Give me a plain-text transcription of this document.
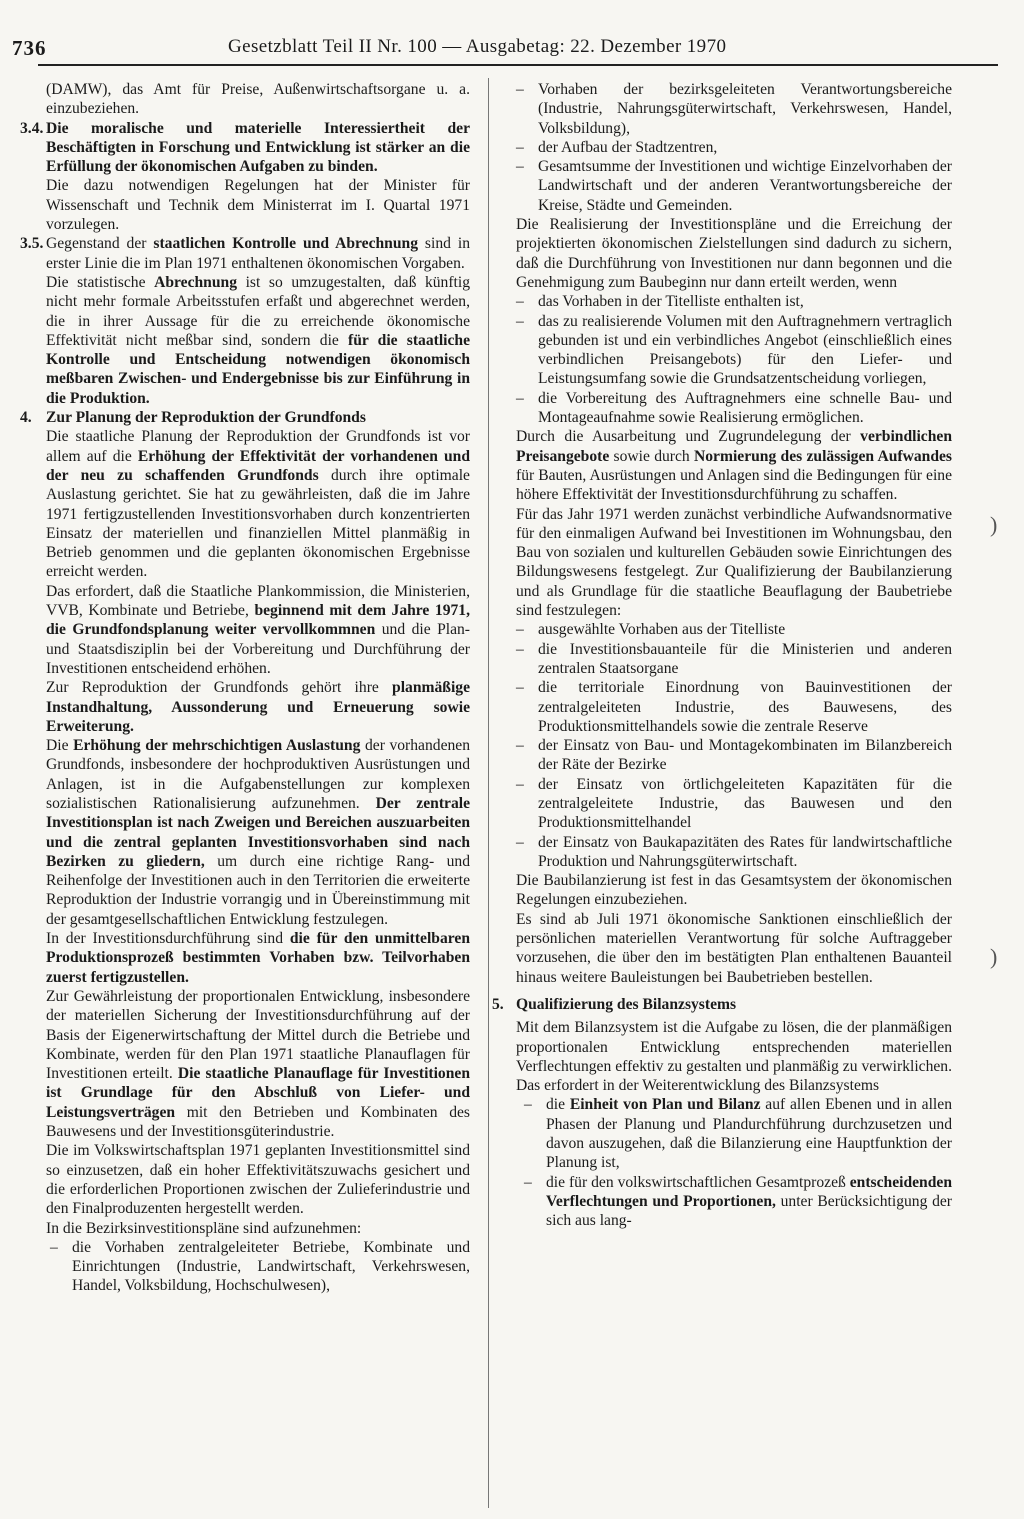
736	Gesetzblatt Teil II Nr. 100 — Ausgabetag: 22. Dezember 1970

(DAMW), das Amt für Preise, Außenwirtschaftsorgane u. a. einzubeziehen.

3.4. Die moralische und materielle Interessiertheit der Beschäftigten in Forschung und Entwicklung ist stärker an die Erfüllung der ökonomischen Aufgaben zu binden.
Die dazu notwendigen Regelungen hat der Minister für Wissenschaft und Technik dem Ministerrat im I. Quartal 1971 vorzulegen.
3.5. Gegenstand der staatlichen Kontrolle und Abrechnung sind in erster Linie die im Plan 1971 enthaltenen ökonomischen Vorgaben.
Die statistische Abrechnung ist so umzugestalten, daß künftig nicht mehr formale Arbeitsstufen erfaßt und abgerechnet werden, die in ihrer Aussage für die zu erreichende ökonomische Effektivität nicht meßbar sind, sondern die für die staatliche Kontrolle und Entscheidung notwendigen ökonomisch meßbaren Zwischen- und Endergebnisse bis zur Einführung in die Produktion.
4. Zur Planung der Reproduktion der Grundfonds
Die staatliche Planung der Reproduktion der Grundfonds ist vor allem auf die Erhöhung der Effektivität der vorhandenen und der neu zu schaffenden Grundfonds durch ihre optimale Auslastung gerichtet. Sie hat zu gewährleisten, daß die im Jahre 1971 fertigzustellenden Investitionsvorhaben durch konzentrierten Einsatz der materiellen und finanziellen Mittel planmäßig in Betrieb genommen und die geplanten ökonomischen Ergebnisse erreicht werden.
Das erfordert, daß die Staatliche Plankommission, die Ministerien, VVB, Kombinate und Betriebe, beginnend mit dem Jahre 1971, die Grundfondsplanung weiter vervollkommnen und die Plan- und Staatsdisziplin bei der Vorbereitung und Durchführung der Investitionen entscheidend erhöhen.
Zur Reproduktion der Grundfonds gehört ihre planmäßige Instandhaltung, Aussonderung und Erneuerung sowie Erweiterung.
Die Erhöhung der mehrschichtigen Auslastung der vorhandenen Grundfonds, insbesondere der hochproduktiven Ausrüstungen und Anlagen, ist in die Aufgabenstellungen zur komplexen sozialistischen Rationalisierung aufzunehmen. Der zentrale Investitionsplan ist nach Zweigen und Bereichen auszuarbeiten und die zentral geplanten Investitionsvorhaben sind nach Bezirken zu gliedern, um durch eine richtige Rang- und Reihenfolge der Investitionen auch in den Territorien die erweiterte Reproduktion der Industrie vorrangig und in Übereinstimmung mit der gesamtgesellschaftlichen Entwicklung festzulegen.
In der Investitionsdurchführung sind die für den unmittelbaren Produktionsprozeß bestimmten Vorhaben bzw. Teilvorhaben zuerst fertigzustellen.
Zur Gewährleistung der proportionalen Entwicklung, insbesondere der materiellen Sicherung der Investitionsdurchführung auf der Basis der Eigenerwirtschaftung der Mittel durch die Betriebe und Kombinate, werden für den Plan 1971 staatliche Planauflagen für Investitionen erteilt. Die staatliche Planauflage für Investitionen ist Grundlage für den Abschluß von Liefer- und Leistungsverträgen mit den Betrieben und Kombinaten des Bauwesens und der Investitionsgüterindustrie.
Die im Volkswirtschaftsplan 1971 geplanten Investitionsmittel sind so einzusetzen, daß ein hoher Effektivitätszuwachs gesichert und die erforderlichen Proportionen zwischen der Zulieferindustrie und den Finalproduzenten hergestellt werden.
In die Bezirksinvestitionspläne sind aufzunehmen:
– die Vorhaben zentralgeleiteter Betriebe, Kombinate und Einrichtungen (Industrie, Landwirtschaft, Verkehrswesen, Handel, Volksbildung, Hochschulwesen),
– Vorhaben der bezirksgeleiteten Verantwortungsbereiche (Industrie, Nahrungsgüterwirtschaft, Verkehrswesen, Handel, Volksbildung),
– der Aufbau der Stadtzentren,
– Gesamtsumme der Investitionen und wichtige Einzelvorhaben der Landwirtschaft und der anderen Verantwortungsbereiche der Kreise, Städte und Gemeinden.

Die Realisierung der Investitionspläne und die Erreichung der projektierten ökonomischen Zielstellungen sind dadurch zu sichern, daß die Durchführung von Investitionen nur dann begonnen und die Genehmigung zum Baubeginn nur dann erteilt werden, wenn

– das Vorhaben in der Titelliste enthalten ist,
– das zu realisierende Volumen mit den Auftragnehmern vertraglich gebunden ist und ein verbindliches Angebot (einschließlich eines verbindlichen Preisangebots) für den Liefer- und Leistungsumfang sowie die Grundsatzentscheidung vorliegen,
– die Vorbereitung des Auftragnehmers eine schnelle Bau- und Montageaufnahme sowie Realisierung ermöglichen.

Durch die Ausarbeitung und Zugrundelegung der verbindlichen Preisangebote sowie durch Normierung des zulässigen Aufwandes für Bauten, Ausrüstungen und Anlagen sind die Bedingungen für eine höhere Effektivität der Investitionsdurchführung zu schaffen.

Für das Jahr 1971 werden zunächst verbindliche Aufwandsnormative für den einmaligen Aufwand bei Investitionen im Wohnungsbau, den Bau von sozialen und kulturellen Gebäuden sowie Einrichtungen des Bildungswesens festgelegt. Zur Qualifizierung der Baubilanzierung und als Grundlage für die staatliche Beauflagung der Baubetriebe sind festzulegen:

– ausgewählte Vorhaben aus der Titelliste
– die Investitionsbauanteile für die Ministerien und anderen zentralen Staatsorgane
– die territoriale Einordnung von Bauinvestitionen der zentralgeleiteten Industrie, des Bauwesens, des Produktionsmittelhandels sowie die zentrale Reserve
– der Einsatz von Bau- und Montagekombinaten im Bilanzbereich der Räte der Bezirke
– der Einsatz von örtlichgeleiteten Kapazitäten für die zentralgeleitete Industrie, das Bauwesen und den Produktionsmittelhandel
– der Einsatz von Baukapazitäten des Rates für landwirtschaftliche Produktion und Nahrungsgüterwirtschaft.

Die Baubilanzierung ist fest in das Gesamtsystem der ökonomischen Regelungen einzubeziehen.

Es sind ab Juli 1971 ökonomische Sanktionen einschließlich der persönlichen materiellen Verantwortung für solche Auftraggeber vorzusehen, die über den im bestätigten Plan enthaltenen Bauanteil hinaus weitere Bauleistungen bei Baubetrieben bestellen.

5. Qualifizierung des Bilanzsystems
Mit dem Bilanzsystem ist die Aufgabe zu lösen, die der planmäßigen proportionalen Entwicklung entsprechenden materiellen Verflechtungen effektiv zu gestalten und planmäßig zu verwirklichen. Das erfordert in der Weiterentwicklung des Bilanzsystems
– die Einheit von Plan und Bilanz auf allen Ebenen und in allen Phasen der Planung und Plandurchführung durchzusetzen und davon auszugehen, daß die Bilanzierung eine Hauptfunktion der Planung ist,
– die für den volkswirtschaftlichen Gesamtprozeß entscheidenden Verflechtungen und Proportionen, unter Berücksichtigung der sich aus lang-
)
)
